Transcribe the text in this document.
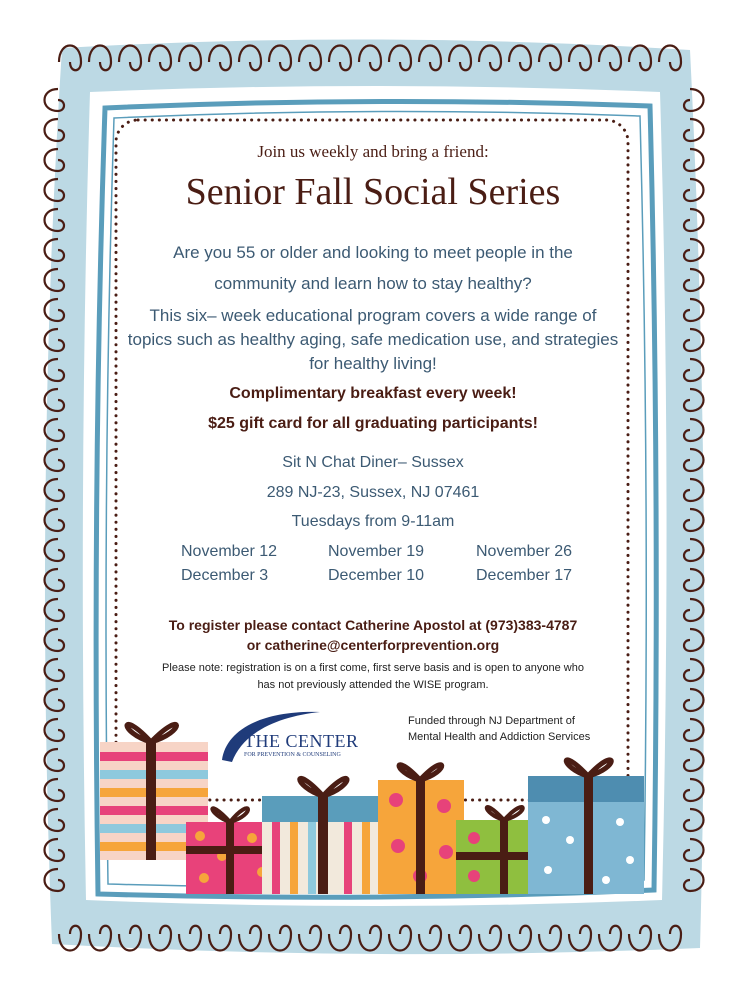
Join us weekly and bring a friend:

Senior Fall Social Series

Are you 55 or older and looking to meet people in the

community and learn how to stay healthy?

This six– week educational program covers a wide range of

topics such as healthy aging, safe medication use, and strategies

for healthy living!

Complimentary breakfast every week!

$25 gift card for all graduating participants!

Sit N Chat Diner– Sussex

289 NJ-23, Sussex, NJ 07461

Tuesdays from 9-11am

November 12	November 19	November 26
December 3	December 10	December 17

To register please contact Catherine Apostol at (973)383-4787

or catherine@centerforprevention.org

Please note: registration is on a first come, first serve basis and is open to anyone who

has not previously attended the WISE program.

THE CENTER
FOR PREVENTION & COUNSELING
Funded through NJ Department of
Mental Health and Addiction Services
